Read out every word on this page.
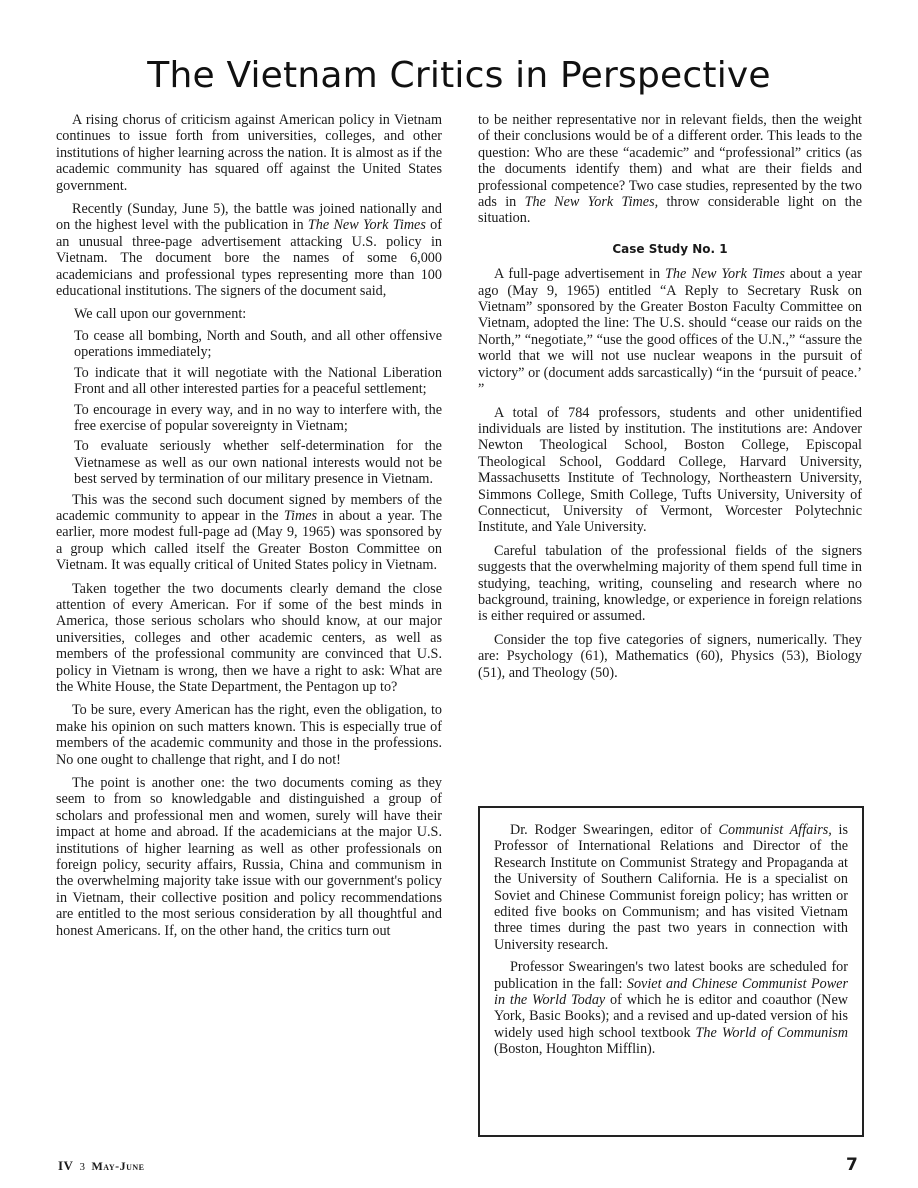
The Vietnam Critics in Perspective

A rising chorus of criticism against American policy in Vietnam continues to issue forth from universities, colleges, and other institutions of higher learning across the nation. It is almost as if the academic community has squared off against the United States government.

Recently (Sunday, June 5), the battle was joined nationally and on the highest level with the publication in The New York Times of an unusual three-page advertisement attacking U.S. policy in Vietnam. The document bore the names of some 6,000 academicians and professional types representing more than 100 educational institutions. The signers of the document said,

We call upon our government:

To cease all bombing, North and South, and all other offensive operations immediately;

To indicate that it will negotiate with the National Liberation Front and all other interested parties for a peaceful settlement;

To encourage in every way, and in no way to interfere with, the free exercise of popular sovereignty in Vietnam;

To evaluate seriously whether self-determination for the Vietnamese as well as our own national interests would not be best served by termination of our military presence in Vietnam.

This was the second such document signed by members of the academic community to appear in the Times in about a year. The earlier, more modest full-page ad (May 9, 1965) was sponsored by a group which called itself the Greater Boston Committee on Vietnam. It was equally critical of United States policy in Vietnam.

Taken together the two documents clearly demand the close attention of every American. For if some of the best minds in America, those serious scholars who should know, at our major universities, colleges and other academic centers, as well as members of the professional community are convinced that U.S. policy in Vietnam is wrong, then we have a right to ask: What are the White House, the State Department, the Pentagon up to?

To be sure, every American has the right, even the obligation, to make his opinion on such matters known. This is especially true of members of the academic community and those in the professions. No one ought to challenge that right, and I do not!

The point is another one: the two documents coming as they seem to from so knowledgable and distinguished a group of scholars and professional men and women, surely will have their impact at home and abroad. If the academicians at the major U.S. institutions of higher learning as well as other professionals on foreign policy, security affairs, Russia, China and communism in the overwhelming majority take issue with our government's policy in Vietnam, their collective position and policy recommendations are entitled to the most serious consideration by all thoughtful and honest Americans. If, on the other hand, the critics turn out

to be neither representative nor in relevant fields, then the weight of their conclusions would be of a different order. This leads to the question: Who are these “academic” and “professional” critics (as the documents identify them) and what are their fields and professional competence? Two case studies, represented by the two ads in The New York Times, throw considerable light on the situation.

Case Study No. 1

A full-page advertisement in The New York Times about a year ago (May 9, 1965) entitled “A Reply to Secretary Rusk on Vietnam” sponsored by the Greater Boston Faculty Committee on Vietnam, adopted the line: The U.S. should “cease our raids on the North,” “negotiate,” “use the good offices of the U.N.,” “assure the world that we will not use nuclear weapons in the pursuit of victory” or (document adds sarcastically) “in the ‘pursuit of peace.’ ”

A total of 784 professors, students and other unidentified individuals are listed by institution. The institutions are: Andover Newton Theological School, Boston College, Episcopal Theological School, Goddard College, Harvard University, Massachusetts Institute of Technology, Northeastern University, Simmons College, Smith College, Tufts University, University of Connecticut, University of Vermont, Worcester Polytechnic Institute, and Yale University.

Careful tabulation of the professional fields of the signers suggests that the overwhelming majority of them spend full time in studying, teaching, writing, counseling and research where no background, training, knowledge, or experience in foreign relations is either required or assumed.

Consider the top five categories of signers, numerically. They are: Psychology (61), Mathematics (60), Physics (53), Biology (51), and Theology (50).

Dr. Rodger Swearingen, editor of Communist Affairs, is Professor of International Relations and Director of the Research Institute on Communist Strategy and Propaganda at the University of Southern California. He is a specialist on Soviet and Chinese Communist foreign policy; has written or edited five books on Communism; and has visited Vietnam three times during the past two years in connection with University research.

Professor Swearingen's two latest books are scheduled for publication in the fall: Soviet and Chinese Communist Power in the World Today of which he is editor and coauthor (New York, Basic Books); and a revised and up-dated version of his widely used high school textbook The World of Communism (Boston, Houghton Mifflin).

IV 3 May-June	7
